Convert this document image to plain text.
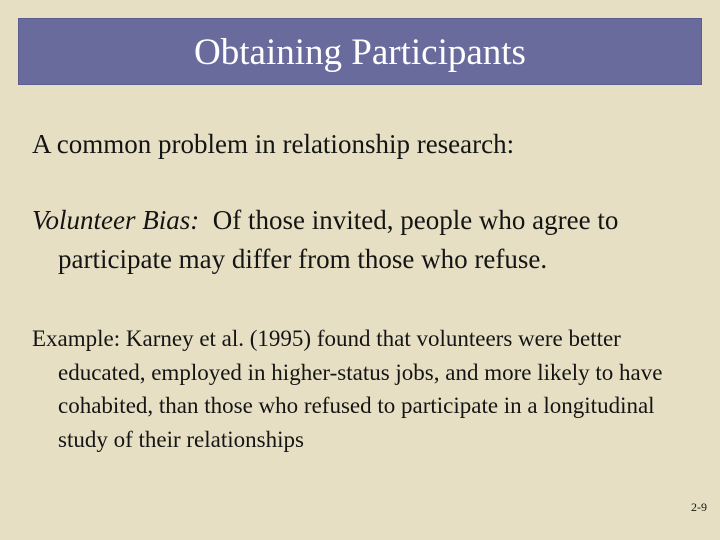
Obtaining Participants

A common problem in relationship research:

Volunteer Bias: Of those invited, people who agree to participate may differ from those who refuse.

Example: Karney et al. (1995) found that volunteers were better educated, employed in higher-status jobs, and more likely to have cohabited, than those who refused to participate in a longitudinal study of their relationships

2-9
